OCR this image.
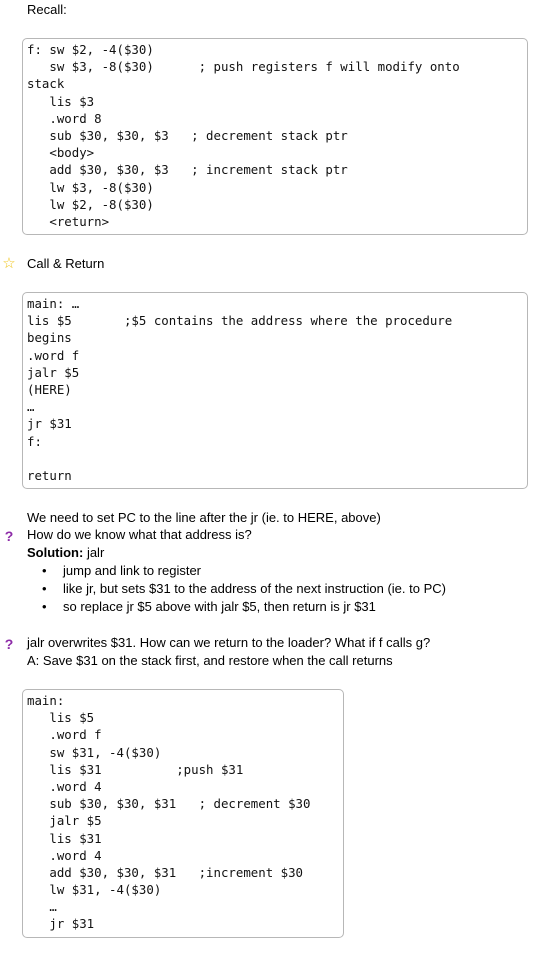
Recall:
f: sw $2, -4($30)
sw $3, -8($30)      ; push registers f will modify onto
stack
lis $3
.word 8
sub $30, $30, $3   ; decrement stack ptr
<body>
add $30, $30, $3   ; increment stack ptr
lw $3, -8($30)
lw $2, -8($30)
<return>
☆ Call & Return
main: …
lis $5       ;$5 contains the address where the procedure
begins
.word f
jalr $5
(HERE)
…
jr $31
f:
return
We need to set PC to the line after the jr (ie. to HERE, above)
?	How do we know what that address is?
Solution: jalr
• jump and link to register
• like jr, but sets $31 to the address of the next instruction (ie. to PC)
• so replace jr $5 above with jalr $5, then return is jr $31
?	jalr overwrites $31. How can we return to the loader? What if f calls g?
A: Save $31 on the stack first, and restore when the call returns
main:
lis $5
.word f
sw $31, -4($30)
lis $31          ;push $31
.word 4
sub $30, $30, $31   ; decrement $30
jalr $5
lis $31
.word 4
add $30, $30, $31   ;increment $30
lw $31, -4($30)
…
jr $31
